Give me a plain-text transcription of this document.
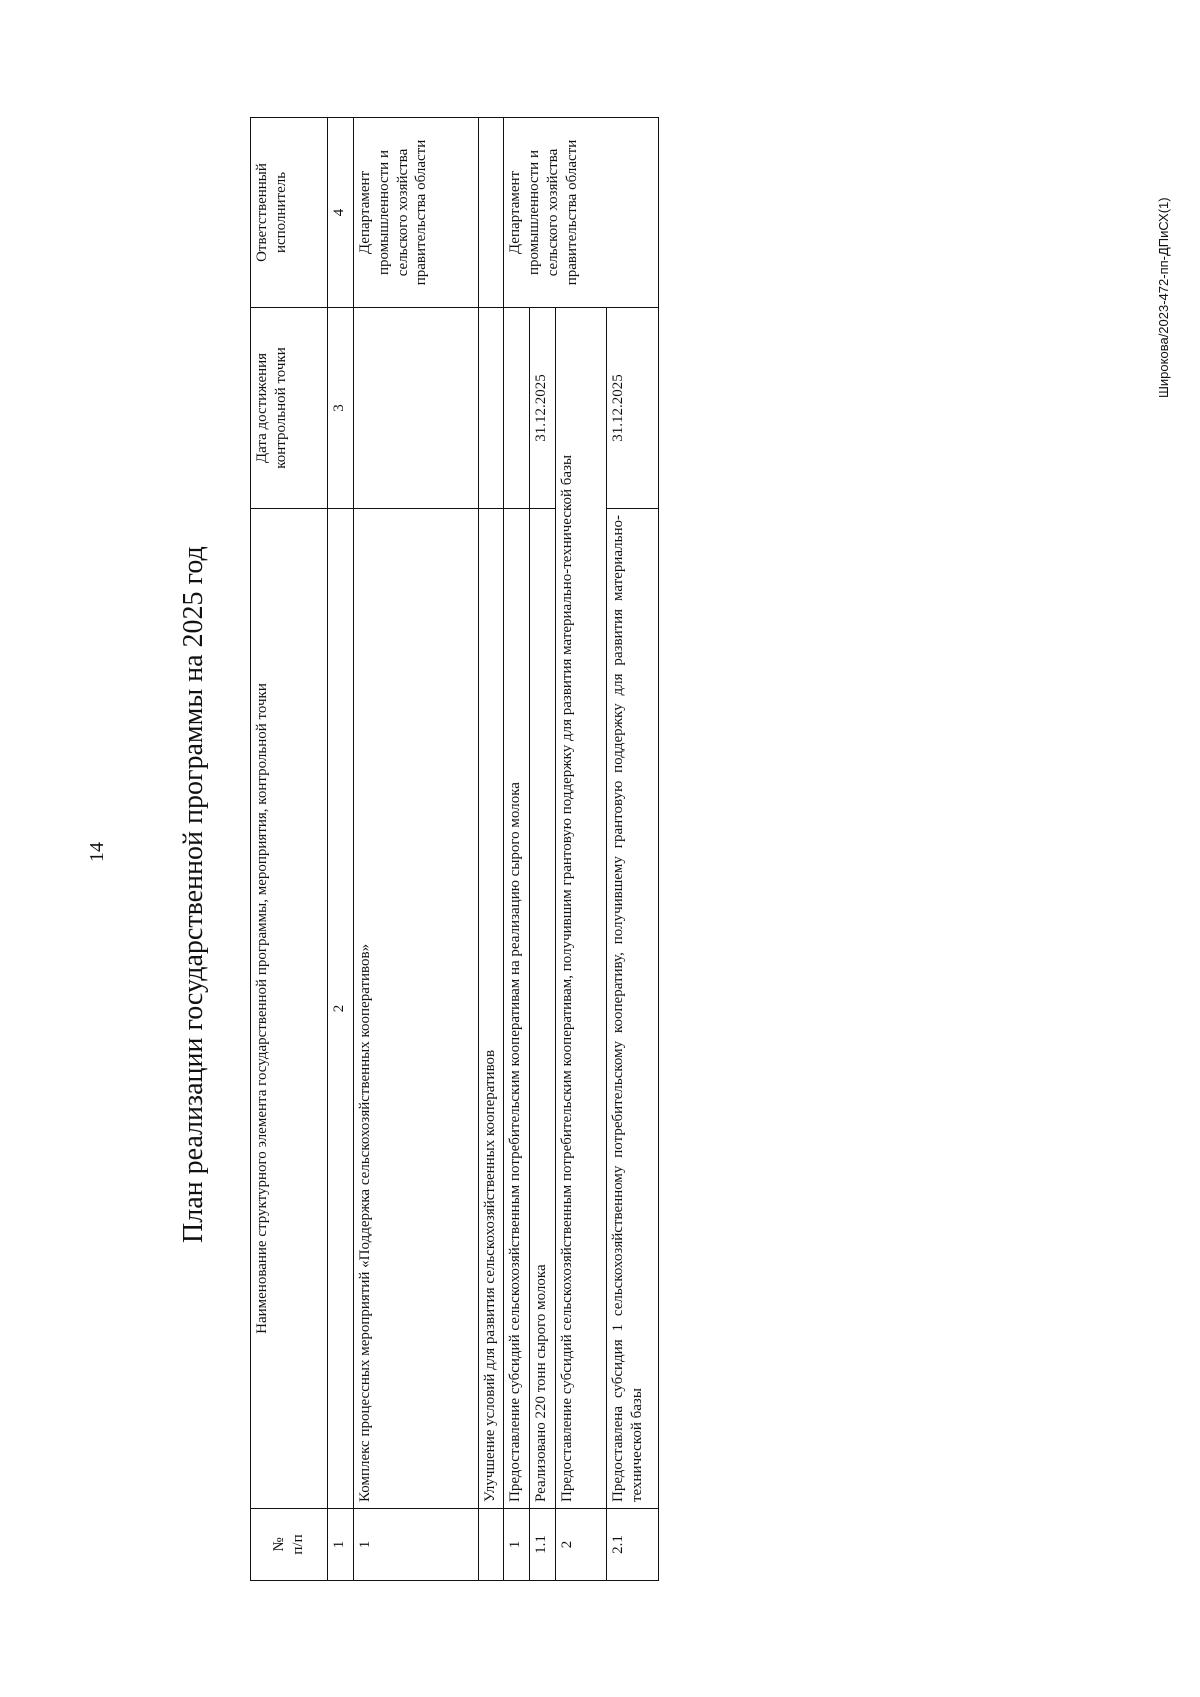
14	План реализации государственной программы на 2025 год
Широкова/2023-472-пп-ДПиСХ(1)
№
п/п	Наименование структурного элемента государственной программы, мероприятия, контрольной точки	Дата достижения контрольной точки	Ответственный исполнитель
1	2	3	4
1	Комплекс процессных мероприятий «Поддержка сельскохозяйственных кооперативов»		Департамент промышленности и сельского хозяйства правительства области
	Улучшение условий для развития сельскохозяйственных кооперативов		
1	Предоставление субсидий сельскохозяйственным потребительским кооперативам на реализацию сырого молока		Департамент промышленности и сельского хозяйства правительства области
1.1	Реализовано 220 тонн сырого молока	31.12.2025	
2	Предоставление субсидий сельскохозяйственным потребительским кооперативам, получившим грантовую поддержку для развития материально-технической базы		
2.1	Предоставлена субсидия 1 сельскохозяйственному потребительскому кооперативу, получившему грантовую поддержку для развития материально-технической базы	31.12.2025	
